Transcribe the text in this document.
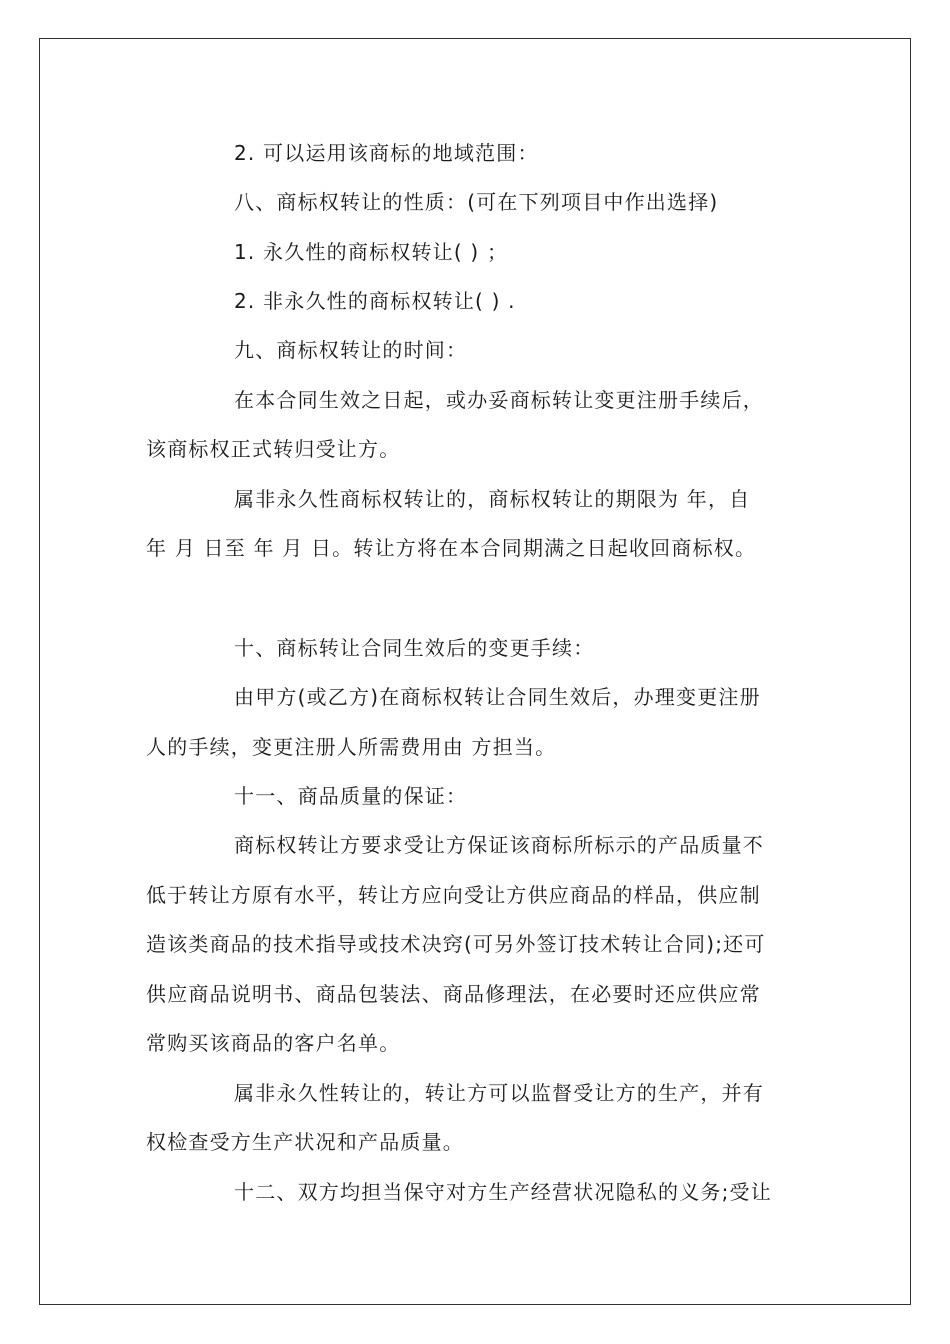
2. 可以运用该商标的地域范围：
八、商标权转让的性质：(可在下列项目中作出选择)
1. 永久性的商标权转让( ) ；
2. 非永久性的商标权转让( ) .
九、商标权转让的时间：
在本合同生效之日起，或办妥商标转让变更注册手续后，
该商标权正式转归受让方。
属非永久性商标权转让的，商标权转让的期限为 年，自
年 月 日至 年 月 日。转让方将在本合同期满之日起收回商标权。
十、商标转让合同生效后的变更手续：
由甲方(或乙方)在商标权转让合同生效后，办理变更注册
人的手续，变更注册人所需费用由 方担当。
十一、商品质量的保证：
商标权转让方要求受让方保证该商标所标示的产品质量不
低于转让方原有水平，转让方应向受让方供应商品的样品，供应制
造该类商品的技术指导或技术决窍(可另外签订技术转让合同);还可
供应商品说明书、商品包装法、商品修理法，在必要时还应供应常
常购买该商品的客户名单。
属非永久性转让的，转让方可以监督受让方的生产，并有
权检查受方生产状况和产品质量。
十二、双方均担当保守对方生产经营状况隐私的义务;受让
